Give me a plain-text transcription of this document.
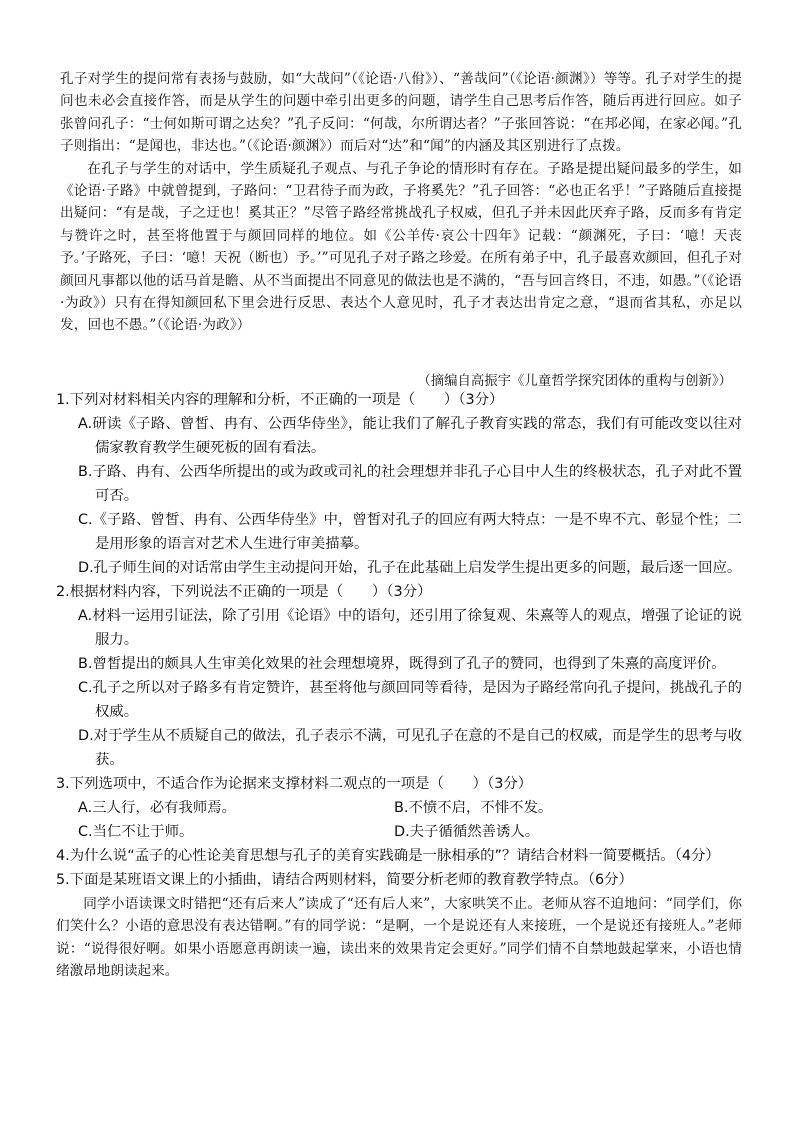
孔子对学生的提问常有表扬与鼓励，如“大哉问”（《论语·八佾》）、“善哉问”（《论语·颜渊》）等等。孔子对学生的提问也未必会直接作答，而是从学生的问题中牵引出更多的问题，请学生自己思考后作答，随后再进行回应。如子张曾问孔子：“士何如斯可谓之达矣？”孔子反问：“何哉，尔所谓达者？”子张回答说：“在邦必闻，在家必闻。”孔子则指出：“是闻也，非达也。”（《论语·颜渊》）而后对“达”和“闻”的内涵及其区别进行了点拨。

在孔子与学生的对话中，学生质疑孔子观点、与孔子争论的情形时有存在。子路是提出疑问最多的学生，如《论语·子路》中就曾提到，子路问：“卫君待子而为政，子将奚先？”孔子回答：“必也正名乎！”子路随后直接提出疑问：“有是哉，子之迂也！奚其正？”尽管子路经常挑战孔子权威，但孔子并未因此厌弃子路，反而多有肯定与赞许之时，甚至将他置于与颜回同样的地位。如《公羊传·哀公十四年》记载：“颜渊死，子曰：‘噫！天丧予。’子路死，子曰：‘噫！天祝（断也）予。’”可见孔子对子路之珍爱。在所有弟子中，孔子最喜欢颜回，但孔子对颜回凡事都以他的话马首是瞻、从不当面提出不同意见的做法也是不满的，“吾与回言终日，不违，如愚。”（《论语·为政》）只有在得知颜回私下里会进行反思、表达个人意见时，孔子才表达出肯定之意，“退而省其私，亦足以发，回也不愚。”（《论语·为政》）

（摘编自高振宇《儿童哲学探究团体的重构与创新》）

1.下列对材料相关内容的理解和分析，不正确的一项是（　　）（3分）

A.研读《子路、曾皙、冉有、公西华侍坐》，能让我们了解孔子教育实践的常态，我们有可能改变以往对儒家教育教学生硬死板的固有看法。
B.子路、冉有、公西华所提出的或为政或司礼的社会理想并非孔子心目中人生的终极状态，孔子对此不置可否。
C.《子路、曾皙、冉有、公西华侍坐》中，曾皙对孔子的回应有两大特点：一是不卑不亢、彰显个性；二是用形象的语言对艺术人生进行审美描摹。
D.孔子师生间的对话常由学生主动提问开始，孔子在此基础上启发学生提出更多的问题，最后逐一回应。

2.根据材料内容，下列说法不正确的一项是（　　）（3分）

A.材料一运用引证法，除了引用《论语》中的语句，还引用了徐复观、朱熹等人的观点，增强了论证的说服力。
B.曾皙提出的颇具人生审美化效果的社会理想境界，既得到了孔子的赞同，也得到了朱熹的高度评价。
C.孔子之所以对子路多有肯定赞许，甚至将他与颜回同等看待，是因为子路经常向孔子提问，挑战孔子的权威。
D.对于学生从不质疑自己的做法，孔子表示不满，可见孔子在意的不是自己的权威，而是学生的思考与收获。

3.下列选项中，不适合作为论据来支撑材料二观点的一项是（　　）（3分）

A.三人行，必有我师焉。	B.不愤不启，不悱不发。
C.当仁不让于师。	D.夫子循循然善诱人。

4.为什么说“孟子的心性论美育思想与孔子的美育实践确是一脉相承的”？请结合材料一简要概括。（4分）

5.下面是某班语文课上的小插曲，请结合两则材料，简要分析老师的教育教学特点。（6分）

同学小语读课文时错把“还有后来人”读成了“还有后人来”，大家哄笑不止。老师从容不迫地问：“同学们，你们笑什么？小语的意思没有表达错啊。”有的同学说：“是啊，一个是说还有人来接班，一个是说还有接班人。”老师说：“说得很好啊。如果小语愿意再朗读一遍，读出来的效果肯定会更好。”同学们情不自禁地鼓起掌来，小语也情绪激昂地朗读起来。
